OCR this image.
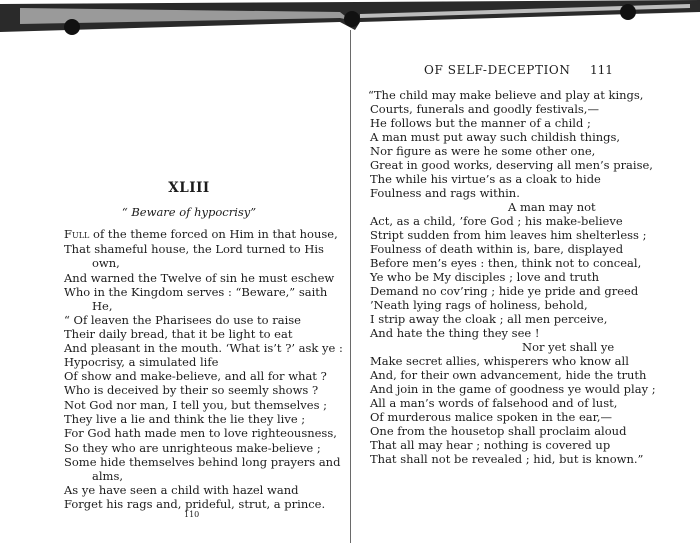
XLIII

“ Beware of hypocrisy”

Full of the theme forced on Him in that house,
That shameful house, the Lord turned to His
own,
And warned the Twelve of sin he must eschew
Who in the Kingdom serves : “Beware,” saith
He,
“ Of leaven the Pharisees do use to raise
Their daily bread, that it be light to eat
And pleasant in the mouth. ‘What is’t ?’ ask ye :
Hypocrisy, a simulated life
Of show and make-believe, and all for what ?
Who is deceived by their so seemly shows ?
Not God nor man, I tell you, but themselves ;
They live a lie and think the lie they live ;
For God hath made men to love righteousness,
So they who are unrighteous make-believe ;
Some hide themselves behind long prayers and
alms,
As ye have seen a child with hazel wand
Forget his rags and, prideful, strut, a prince.
110
OF SELF-DECEPTION 111
“The child may make believe and play at kings,
Courts, funerals and goodly festivals,—
He follows but the manner of a child ;
A man must put away such childish things,
Nor figure as were he some other one,
Great in good works, deserving all men’s praise,
The while his virtue’s as a cloak to hide
Foulness and rags within.
A man may not
Act, as a child, ’fore God ; his make-believe
Stript sudden from him leaves him shelterless ;
Foulness of death within is, bare, displayed
Before men’s eyes : then, think not to conceal,
Ye who be My disciples ; love and truth
Demand no cov’ring ; hide ye pride and greed
’Neath lying rags of holiness, behold,
I strip away the cloak ; all men perceive,
And hate the thing they see !
Nor yet shall ye
Make secret allies, whisperers who know all
And, for their own advancement, hide the truth
And join in the game of goodness ye would play ;
All a man’s words of falsehood and of lust,
Of murderous malice spoken in the ear,—
One from the housetop shall proclaim aloud
That all may hear ; nothing is covered up
That shall not be revealed ; hid, but is known.”
